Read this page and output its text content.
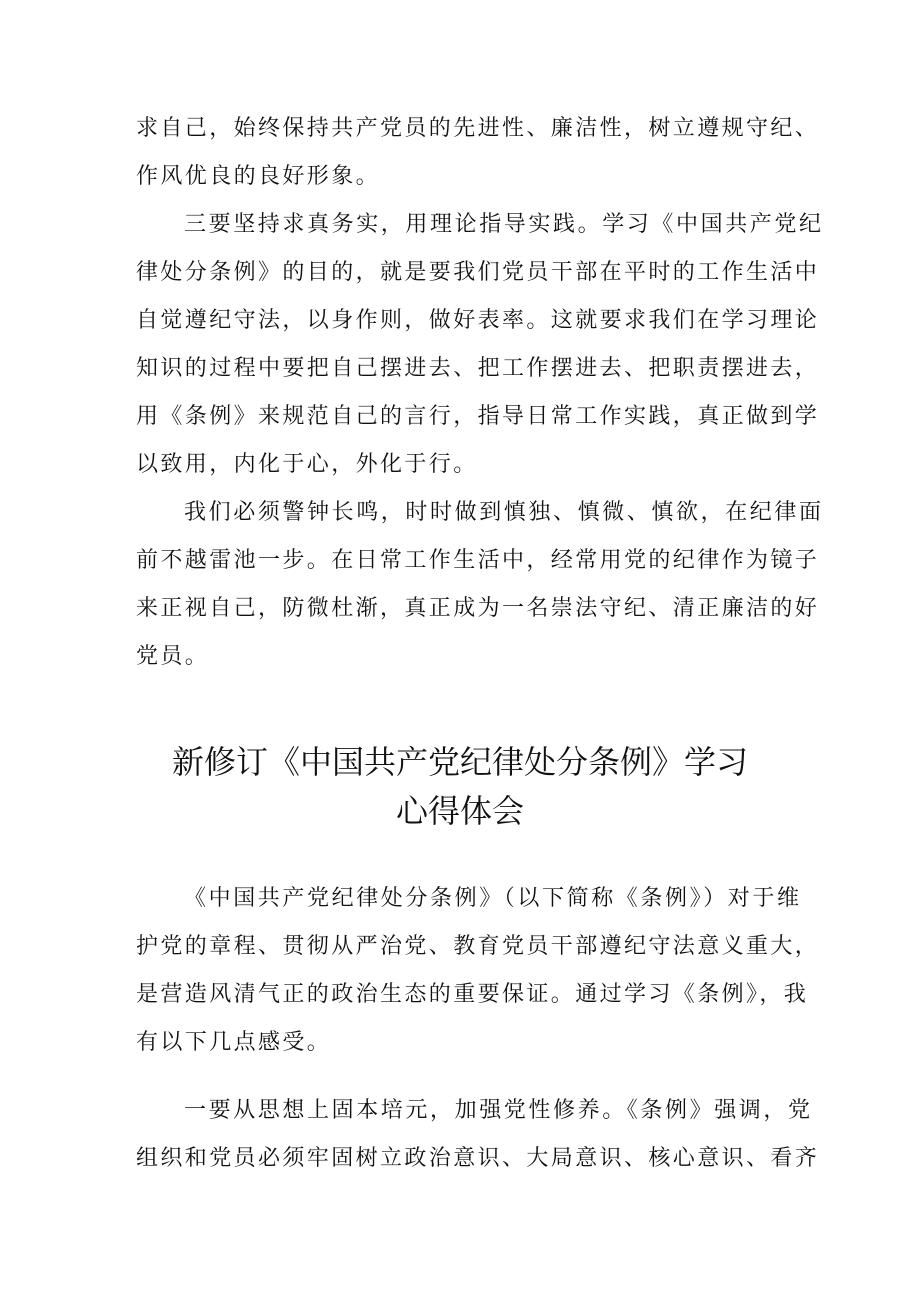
求自己，始终保持共产党员的先进性、廉洁性，树立遵规守纪、
作风优良的良好形象。
三要坚持求真务实，用理论指导实践。学习《中国共产党纪
律处分条例》的目的，就是要我们党员干部在平时的工作生活中
自觉遵纪守法，以身作则，做好表率。这就要求我们在学习理论
知识的过程中要把自己摆进去、把工作摆进去、把职责摆进去，
用《条例》来规范自己的言行，指导日常工作实践，真正做到学
以致用，内化于心，外化于行。
我们必须警钟长鸣，时时做到慎独、慎微、慎欲，在纪律面
前不越雷池一步。在日常工作生活中，经常用党的纪律作为镜子
来正视自己，防微杜渐，真正成为一名崇法守纪、清正廉洁的好
党员。
新修订《中国共产党纪律处分条例》学习
心得体会
《中国共产党纪律处分条例》（以下简称《条例》）对于维
护党的章程、贯彻从严治党、教育党员干部遵纪守法意义重大，
是营造风清气正的政治生态的重要保证。通过学习《条例》，我
有以下几点感受。
一要从思想上固本培元，加强党性修养。《条例》强调，党
组织和党员必须牢固树立政治意识、大局意识、核心意识、看齐
